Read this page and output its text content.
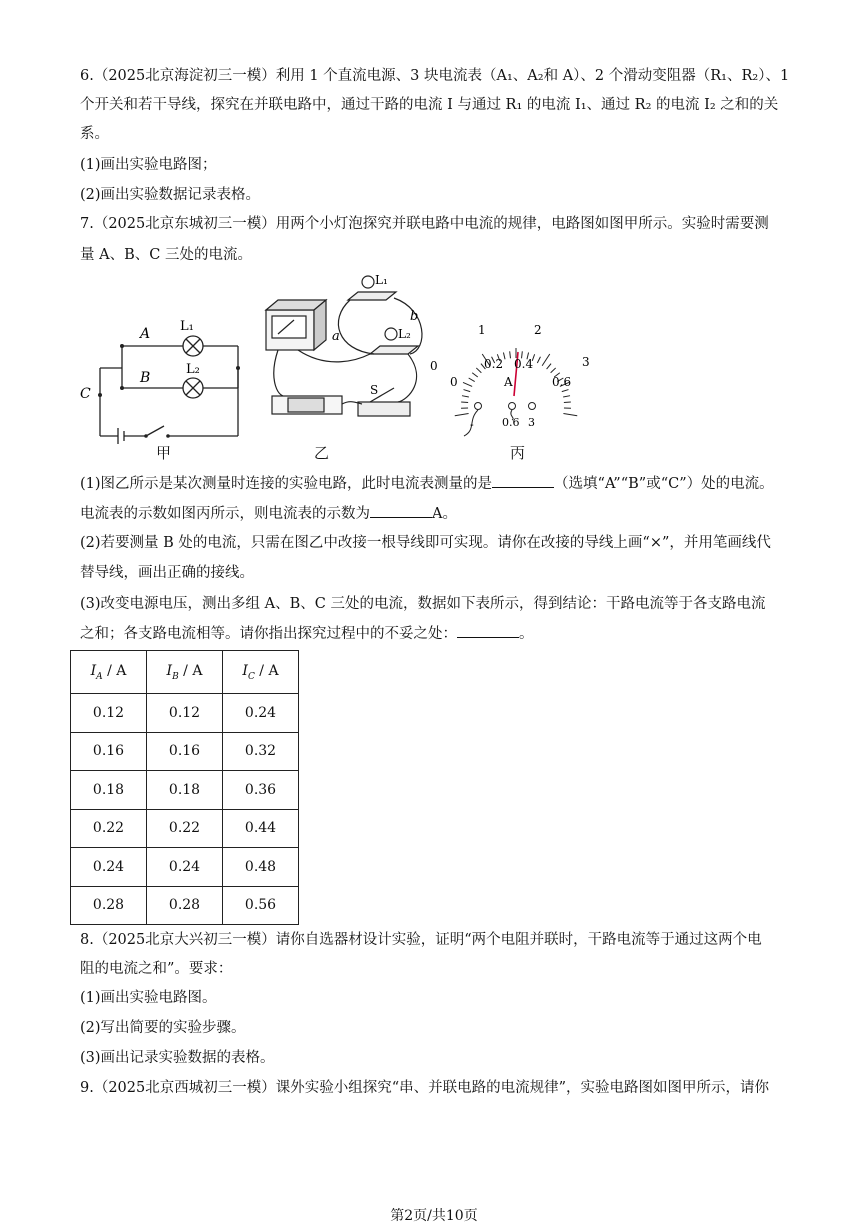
6.（2025北京海淀初三一模）利用 1 个直流电源、3 块电流表（A₁、A₂和 A）、2 个滑动变阻器（R₁、R₂）、1
个开关和若干导线，探究在并联电路中，通过干路的电流 I 与通过 R₁ 的电流 I₁、通过 R₂ 的电流 I₂ 之和的关
系。
(1)画出实验电路图；
(2)画出实验数据记录表格。
7.（2025北京东城初三一模）用两个小灯泡探究并联电路中电流的规律，电路图如图甲所示。实验时需要测
量 A、B、C 三处的电流。
A
B
C
L₁
L₂
甲
L₁
L₂
a
b
S
乙
0
1	2
3
0
0.2 0.4
0.6
A
-	0.6 3
丙
(1)图乙所示是某次测量时连接的实验电路，此时电流表测量的是	（选填“A”“B”或“C”）处的电流。
电流表的示数如图丙所示，则电流表的示数为	A。
(2)若要测量 B 处的电流，只需在图乙中改接一根导线即可实现。请你在改接的导线上画“×”，并用笔画线代
替导线，画出正确的接线。
(3)改变电源电压，测出多组 A、B、C 三处的电流，数据如下表所示，得到结论：干路电流等于各支路电流
之和；各支路电流相等。请你指出探究过程中的不妥之处：	。
$I_A$ / A	$I_B$ / A	$I_C$ / A
0.12	0.12	0.24
0.16	0.16	0.32
0.18	0.18	0.36
0.22	0.22	0.44
0.24	0.24	0.48
0.28	0.28	0.56
8.（2025北京大兴初三一模）请你自选器材设计实验，证明“两个电阻并联时，干路电流等于通过这两个电
阻的电流之和”。要求：
(1)画出实验电路图。
(2)写出简要的实验步骤。
(3)画出记录实验数据的表格。
9.（2025北京西城初三一模）课外实验小组探究“串、并联电路的电流规律”，实验电路图如图甲所示，请你
第2页/共10页
